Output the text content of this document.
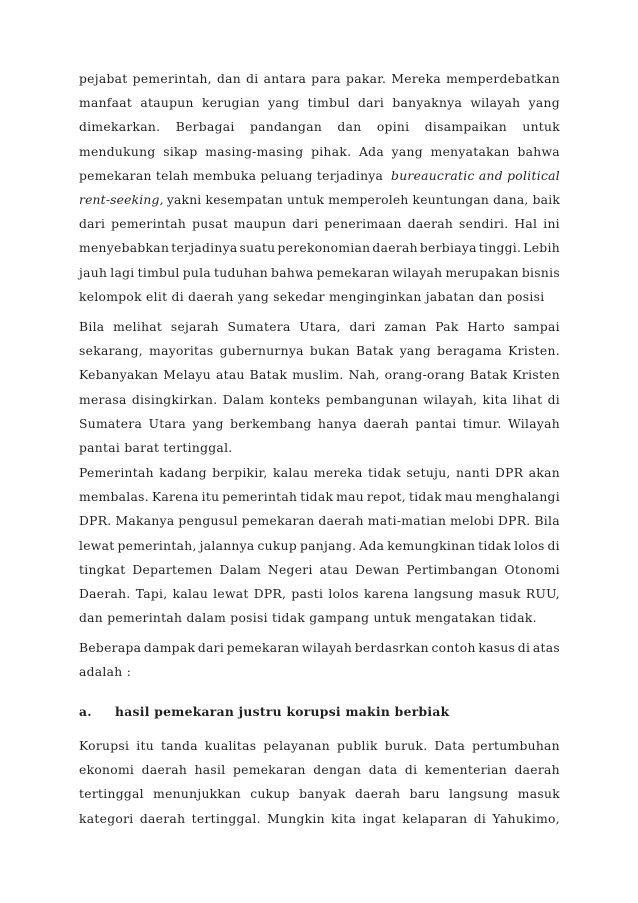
pejabat pemerintah, dan di antara para pakar. Mereka memperdebatkan
manfaat ataupun kerugian yang timbul dari banyaknya wilayah yang
dimekarkan. Berbagai pandangan dan opini disampaikan untuk
mendukung sikap masing-masing pihak. Ada yang menyatakan bahwa
pemekaran telah membuka peluang terjadinya bureaucratic and political
rent-seeking, yakni kesempatan untuk memperoleh keuntungan dana, baik
dari pemerintah pusat maupun dari penerimaan daerah sendiri. Hal ini
menyebabkan terjadinya suatu perekonomian daerah berbiaya tinggi. Lebih
jauh lagi timbul pula tuduhan bahwa pemekaran wilayah merupakan bisnis
kelompok elit di daerah yang sekedar menginginkan jabatan dan posisi
Bila melihat sejarah Sumatera Utara, dari zaman Pak Harto sampai
sekarang, mayoritas gubernurnya bukan Batak yang beragama Kristen.
Kebanyakan Melayu atau Batak muslim. Nah, orang-orang Batak Kristen
merasa disingkirkan. Dalam konteks pembangunan wilayah, kita lihat di
Sumatera Utara yang berkembang hanya daerah pantai timur. Wilayah
pantai barat tertinggal.
Pemerintah kadang berpikir, kalau mereka tidak setuju, nanti DPR akan
membalas. Karena itu pemerintah tidak mau repot, tidak mau menghalangi
DPR. Makanya pengusul pemekaran daerah mati-matian melobi DPR. Bila
lewat pemerintah, jalannya cukup panjang. Ada kemungkinan tidak lolos di
tingkat Departemen Dalam Negeri atau Dewan Pertimbangan Otonomi
Daerah. Tapi, kalau lewat DPR, pasti lolos karena langsung masuk RUU,
dan pemerintah dalam posisi tidak gampang untuk mengatakan tidak.
Beberapa dampak dari pemekaran wilayah berdasrkan contoh kasus di atas
adalah :
a.	hasil pemekaran justru korupsi makin berbiak
Korupsi itu tanda kualitas pelayanan publik buruk. Data pertumbuhan
ekonomi daerah hasil pemekaran dengan data di kementerian daerah
tertinggal menunjukkan cukup banyak daerah baru langsung masuk
kategori daerah tertinggal. Mungkin kita ingat kelaparan di Yahukimo,
